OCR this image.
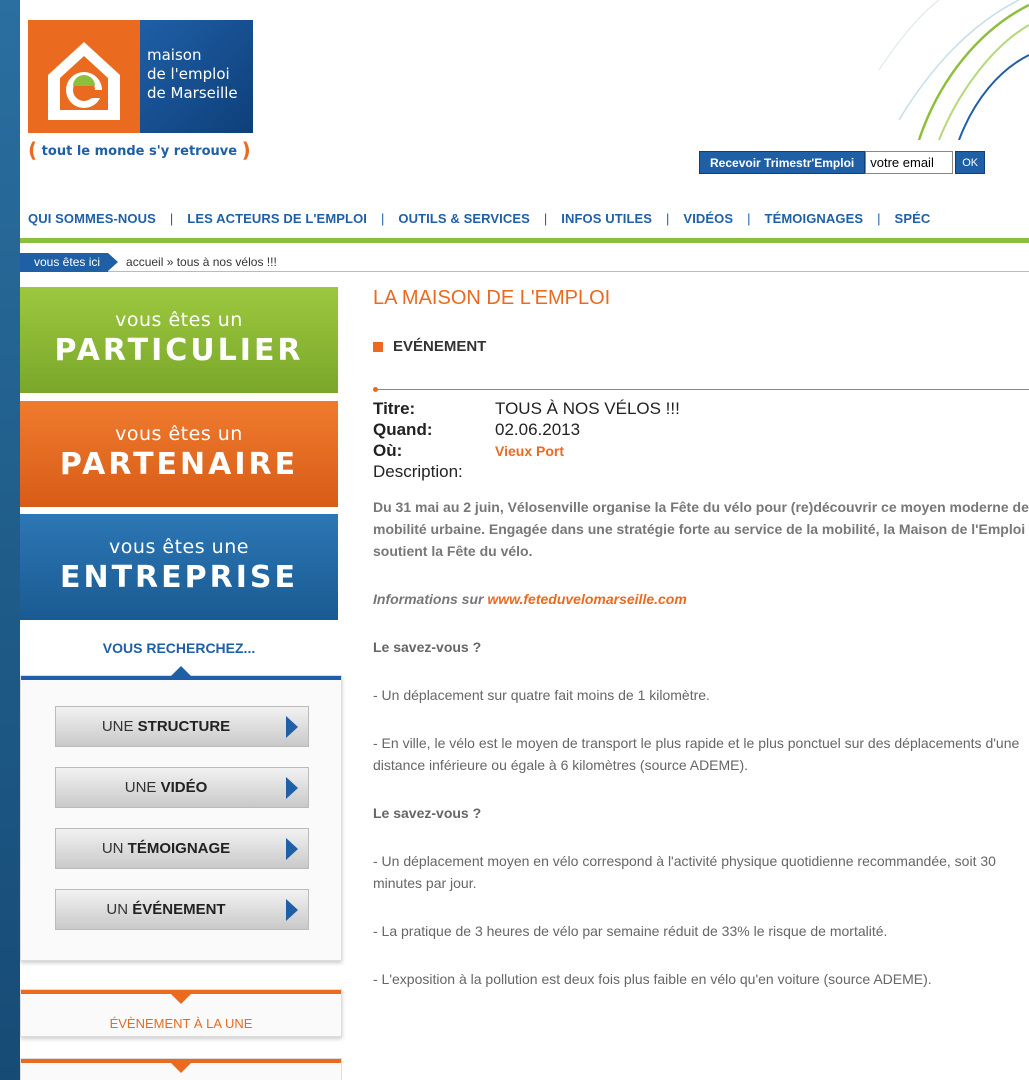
maison
de l'emploi
de Marseille
( tout le monde s'y retrouve )
Recevoir Trimestr'Emploi
votre email	OK
QUI SOMMES-NOUS | LES ACTEURS DE L'EMPLOI | OUTILS & SERVICES | INFOS UTILES | VIDÉOS | TÉMOIGNAGES | SPÉC
vous êtes ici	accueil » tous à nos vélos !!!
vous êtes un
PARTICULIER
vous êtes un
PARTENAIRE
vous êtes une
ENTREPRISE
VOUS RECHERCHEZ...
UNE STRUCTURE
UNE VIDÉO
UN TÉMOIGNAGE
UN ÉVÉNEMENT
ÉVÈNEMENT À LA UNE
LA MAISON DE L'EMPLOI
EVÉNEMENT
Titre:	TOUS À NOS VÉLOS !!!
Quand:	02.06.2013
Où:	Vieux Port
Description:
Du 31 mai au 2 juin, Vélosenville organise la Fête du vélo pour (re)découvrir ce moyen moderne de mobilité urbaine. Engagée dans une stratégie forte au service de la mobilité, la Maison de l'Emploi soutient la Fête du vélo.
Informations sur www.feteduvelomarseille.com
Le savez-vous ?
- Un déplacement sur quatre fait moins de 1 kilomètre.
- En ville, le vélo est le moyen de transport le plus rapide et le plus ponctuel sur des déplacements d'une distance inférieure ou égale à 6 kilomètres (source ADEME).
Le savez-vous ?
- Un déplacement moyen en vélo correspond à l'activité physique quotidienne recommandée, soit 30 minutes par jour.
- La pratique de 3 heures de vélo par semaine réduit de 33% le risque de mortalité.
- L'exposition à la pollution est deux fois plus faible en vélo qu'en voiture (source ADEME).
